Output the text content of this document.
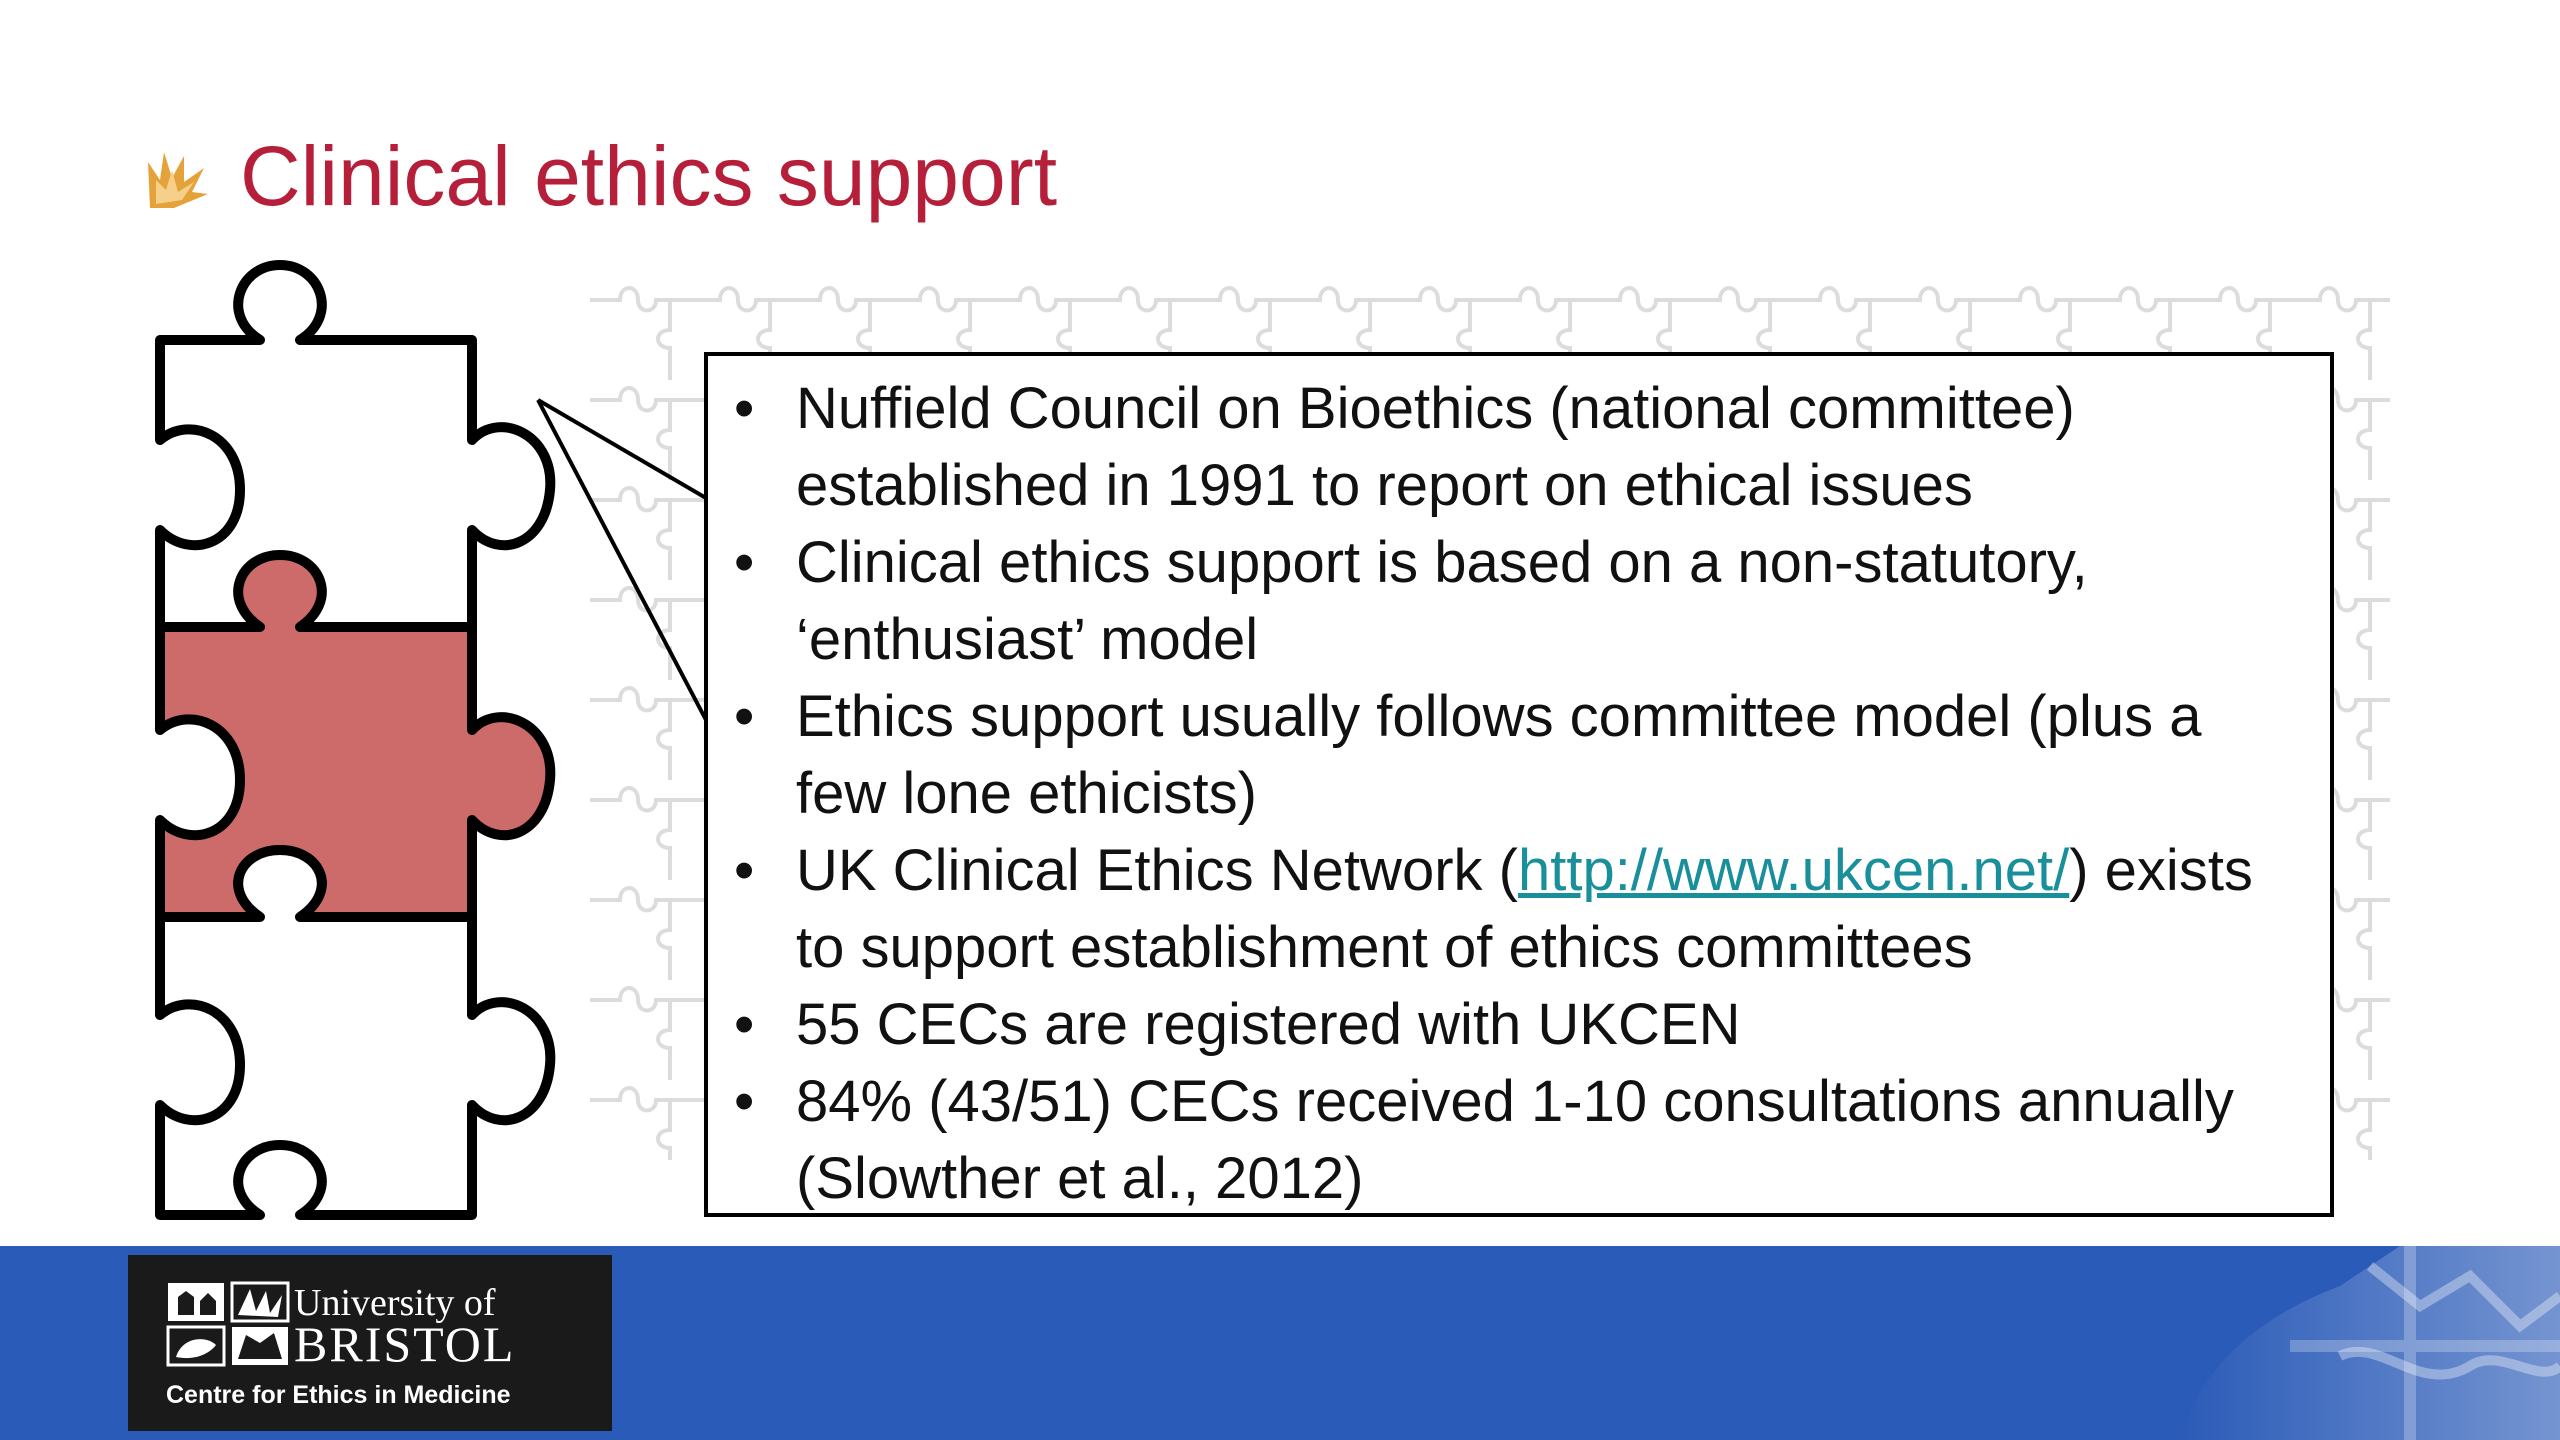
Clinical ethics support
• Nuffield Council on Bioethics (national committee) established in 1991 to report on ethical issues
• Clinical ethics support is based on a non-statutory, ‘enthusiast’ model
• Ethics support usually follows committee model (plus a few lone ethicists)
• UK Clinical Ethics Network (http://www.ukcen.net/) exists to support establishment of ethics committees
• 55 CECs are registered with UKCEN
• 84% (43/51) CECs received 1-10 consultations annually (Slowther et al., 2012)
University of
BRISTOL
Centre for Ethics in Medicine
